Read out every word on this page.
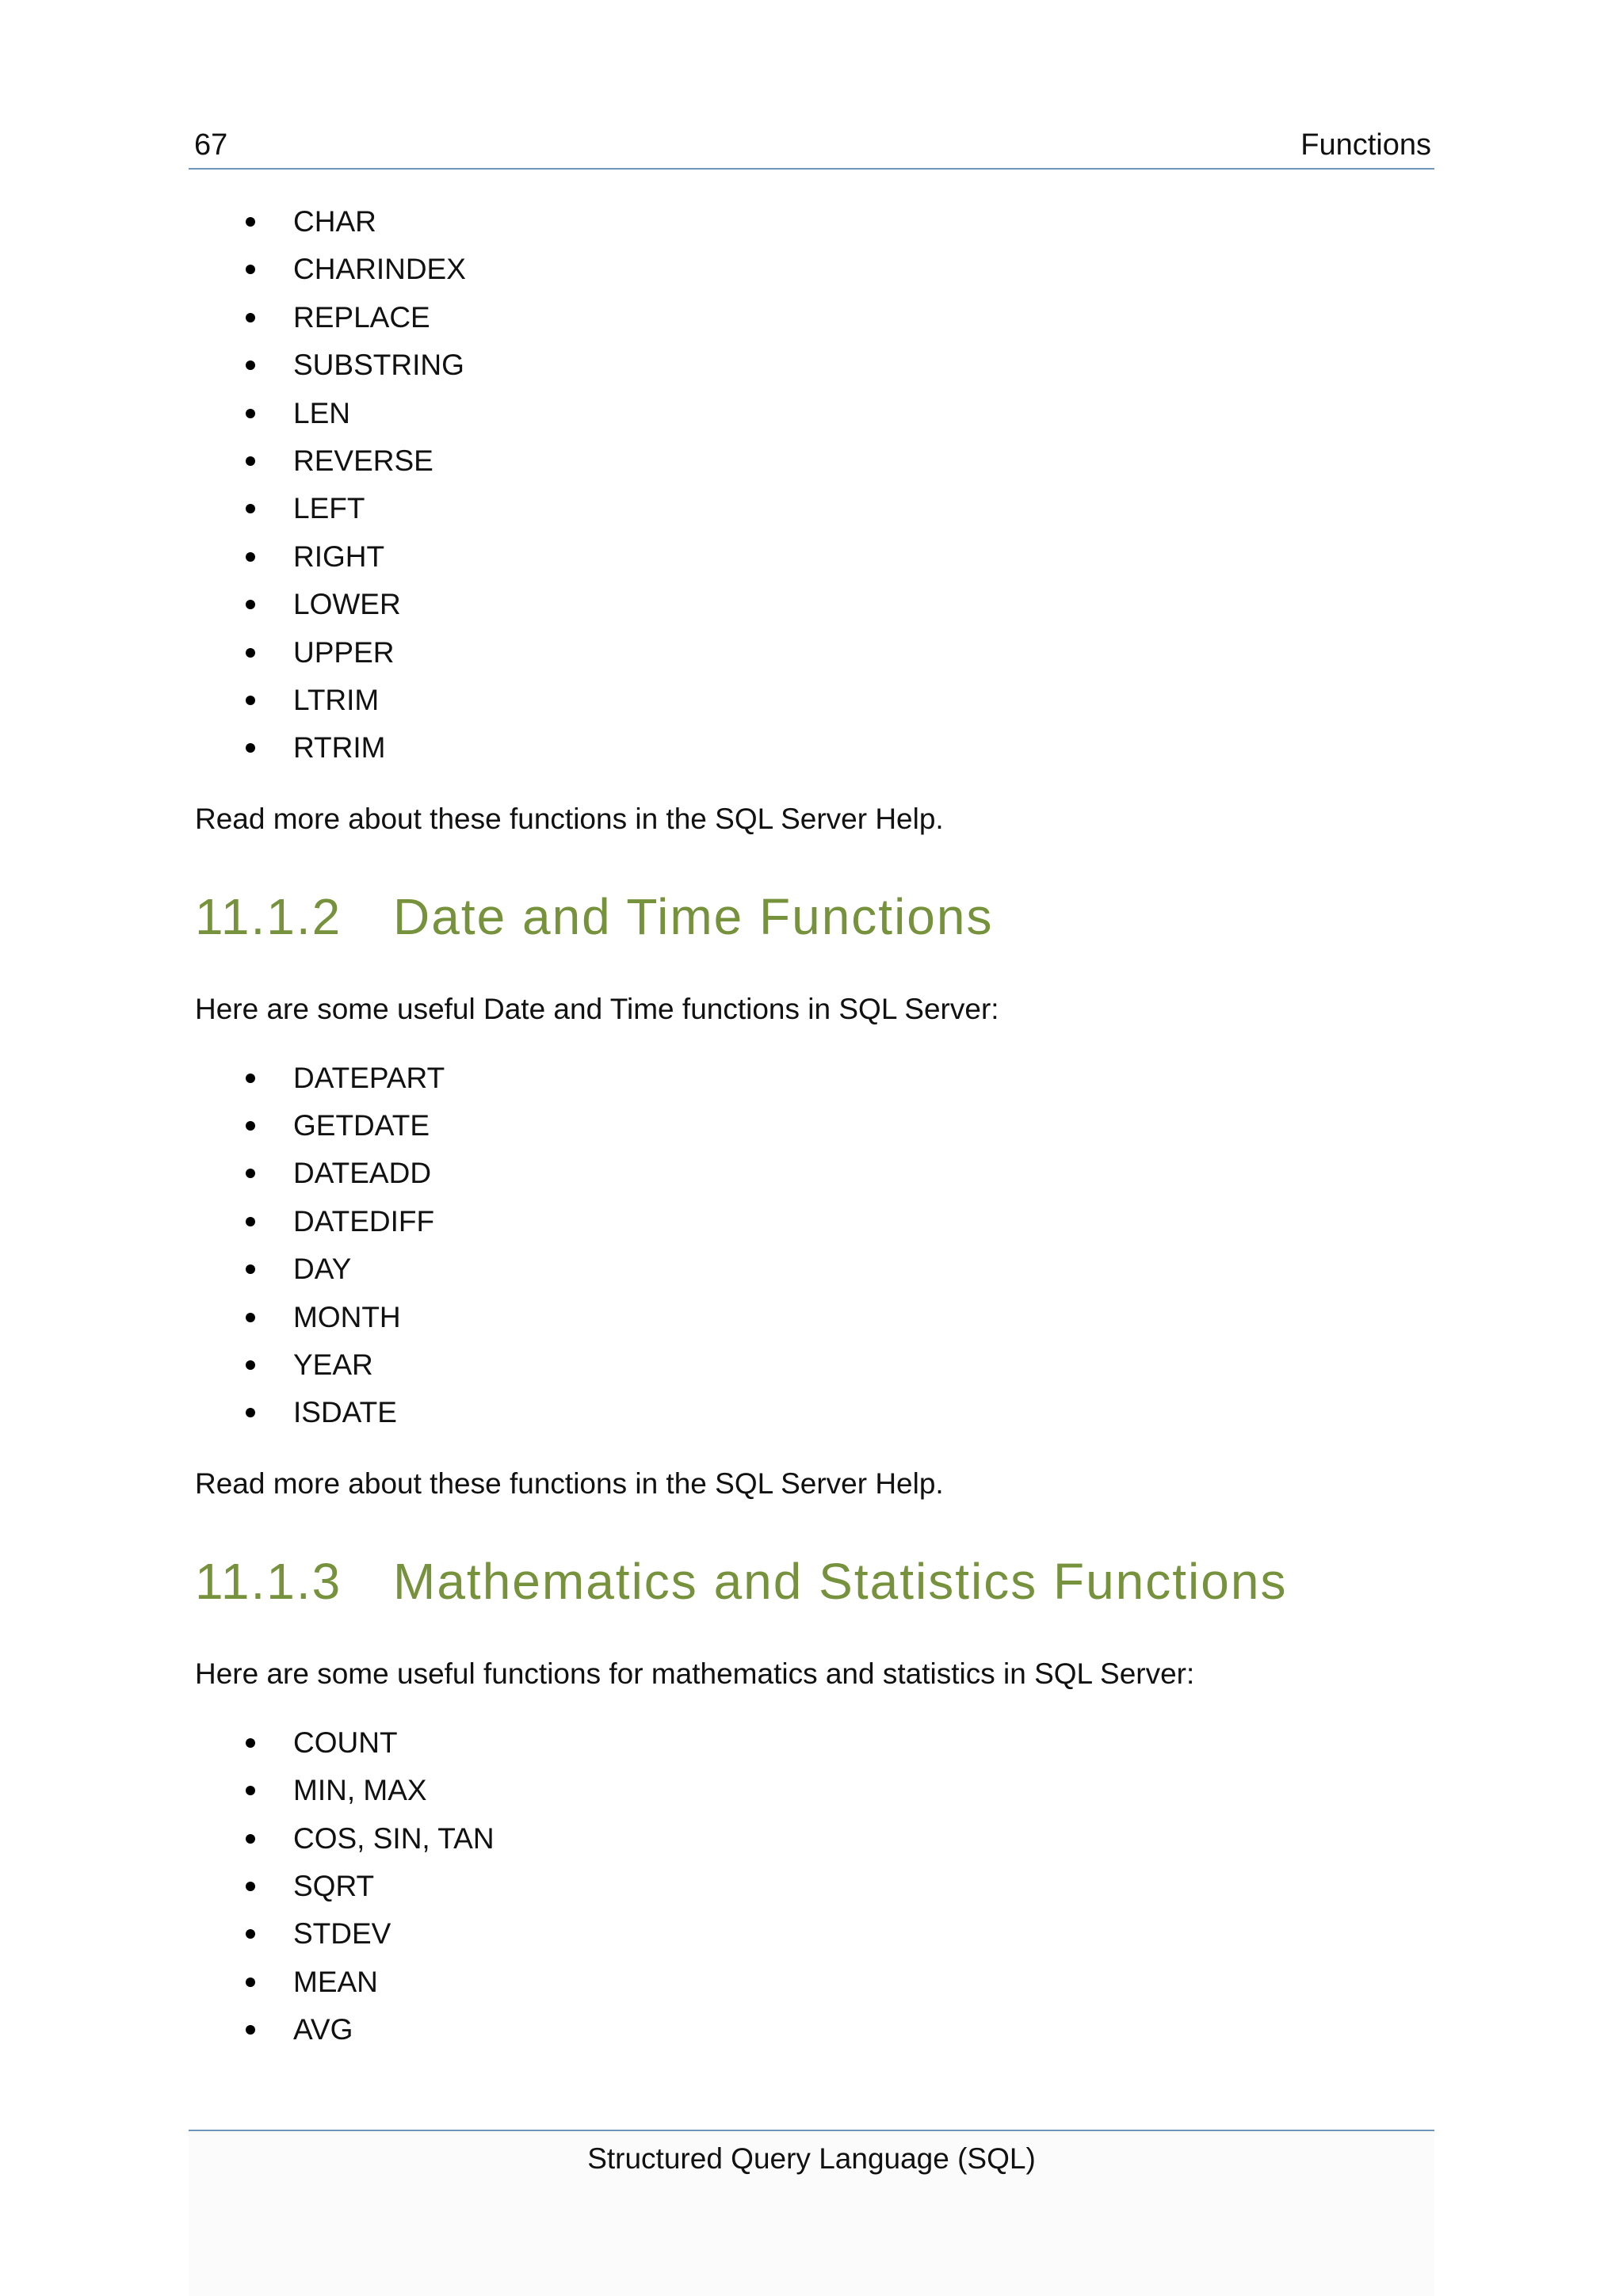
67	Functions
CHAR
CHARINDEX
REPLACE
SUBSTRING
LEN
REVERSE
LEFT
RIGHT
LOWER
UPPER
LTRIM
RTRIM

Read more about these functions in the SQL Server Help.

11.1.2 Date and Time Functions

Here are some useful Date and Time functions in SQL Server:

DATEPART
GETDATE
DATEADD
DATEDIFF
DAY
MONTH
YEAR
ISDATE

Read more about these functions in the SQL Server Help.

11.1.3 Mathematics and Statistics Functions

Here are some useful functions for mathematics and statistics in SQL Server:

COUNT
MIN, MAX
COS, SIN, TAN
SQRT
STDEV
MEAN
AVG
Structured Query Language (SQL)
